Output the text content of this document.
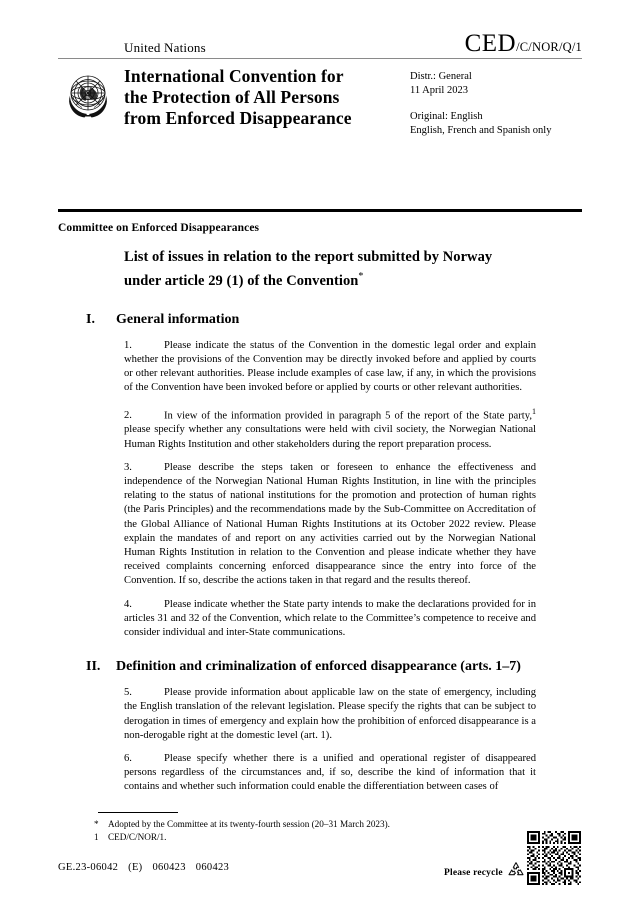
United Nations	CED/C/NOR/Q/1
International Convention for
the Protection of All Persons
from Enforced Disappearance
Distr.: General
11 April 2023
Original: English
English, French and Spanish only
Committee on Enforced Disappearances
List of issues in relation to the report submitted by Norway
under article 29 (1) of the Convention*
I.	General information

1.	Please indicate the status of the Convention in the domestic legal order and explain whether the provisions of the Convention may be directly invoked before and applied by courts or other relevant authorities. Please include examples of case law, if any, in which the provisions of the Convention have been invoked before or applied by courts or other relevant authorities.

2.	In view of the information provided in paragraph 5 of the report of the State party,$^1$ please specify whether any consultations were held with civil society, the Norwegian National Human Rights Institution and other stakeholders during the report preparation process.

3.	Please describe the steps taken or foreseen to enhance the effectiveness and independence of the Norwegian National Human Rights Institution, in line with the principles relating to the status of national institutions for the promotion and protection of human rights (the Paris Principles) and the recommendations made by the Sub-Committee on Accreditation of the Global Alliance of National Human Rights Institutions at its October 2022 review. Please explain the mandates of and report on any activities carried out by the Norwegian National Human Rights Institution in relation to the Convention and please indicate whether they have received complaints concerning enforced disappearance since the entry into force of the Convention. If so, describe the actions taken in that regard and the results thereof.

4.	Please indicate whether the State party intends to make the declarations provided for in articles 31 and 32 of the Convention, which relate to the Committee’s competence to receive and consider individual and inter-State communications.

II.	Definition and criminalization of enforced disappearance (arts. 1–7)

5.	Please provide information about applicable law on the state of emergency, including the English translation of the relevant legislation. Please specify the rights that can be subject to derogation in times of emergency and explain how the prohibition of enforced disappearance is a non-derogable right at the domestic level (art. 1).

6.	Please specify whether there is a unified and operational register of disappeared persons regardless of the circumstances and, if so, describe the kind of information that it contains and whether such information could enable the differentiation between cases of

*	Adopted by the Committee at its twenty-fourth session (20–31 March 2023).
1	CED/C/NOR/1.
GE.23-06042 (E) 060423 060423	Please recycle
